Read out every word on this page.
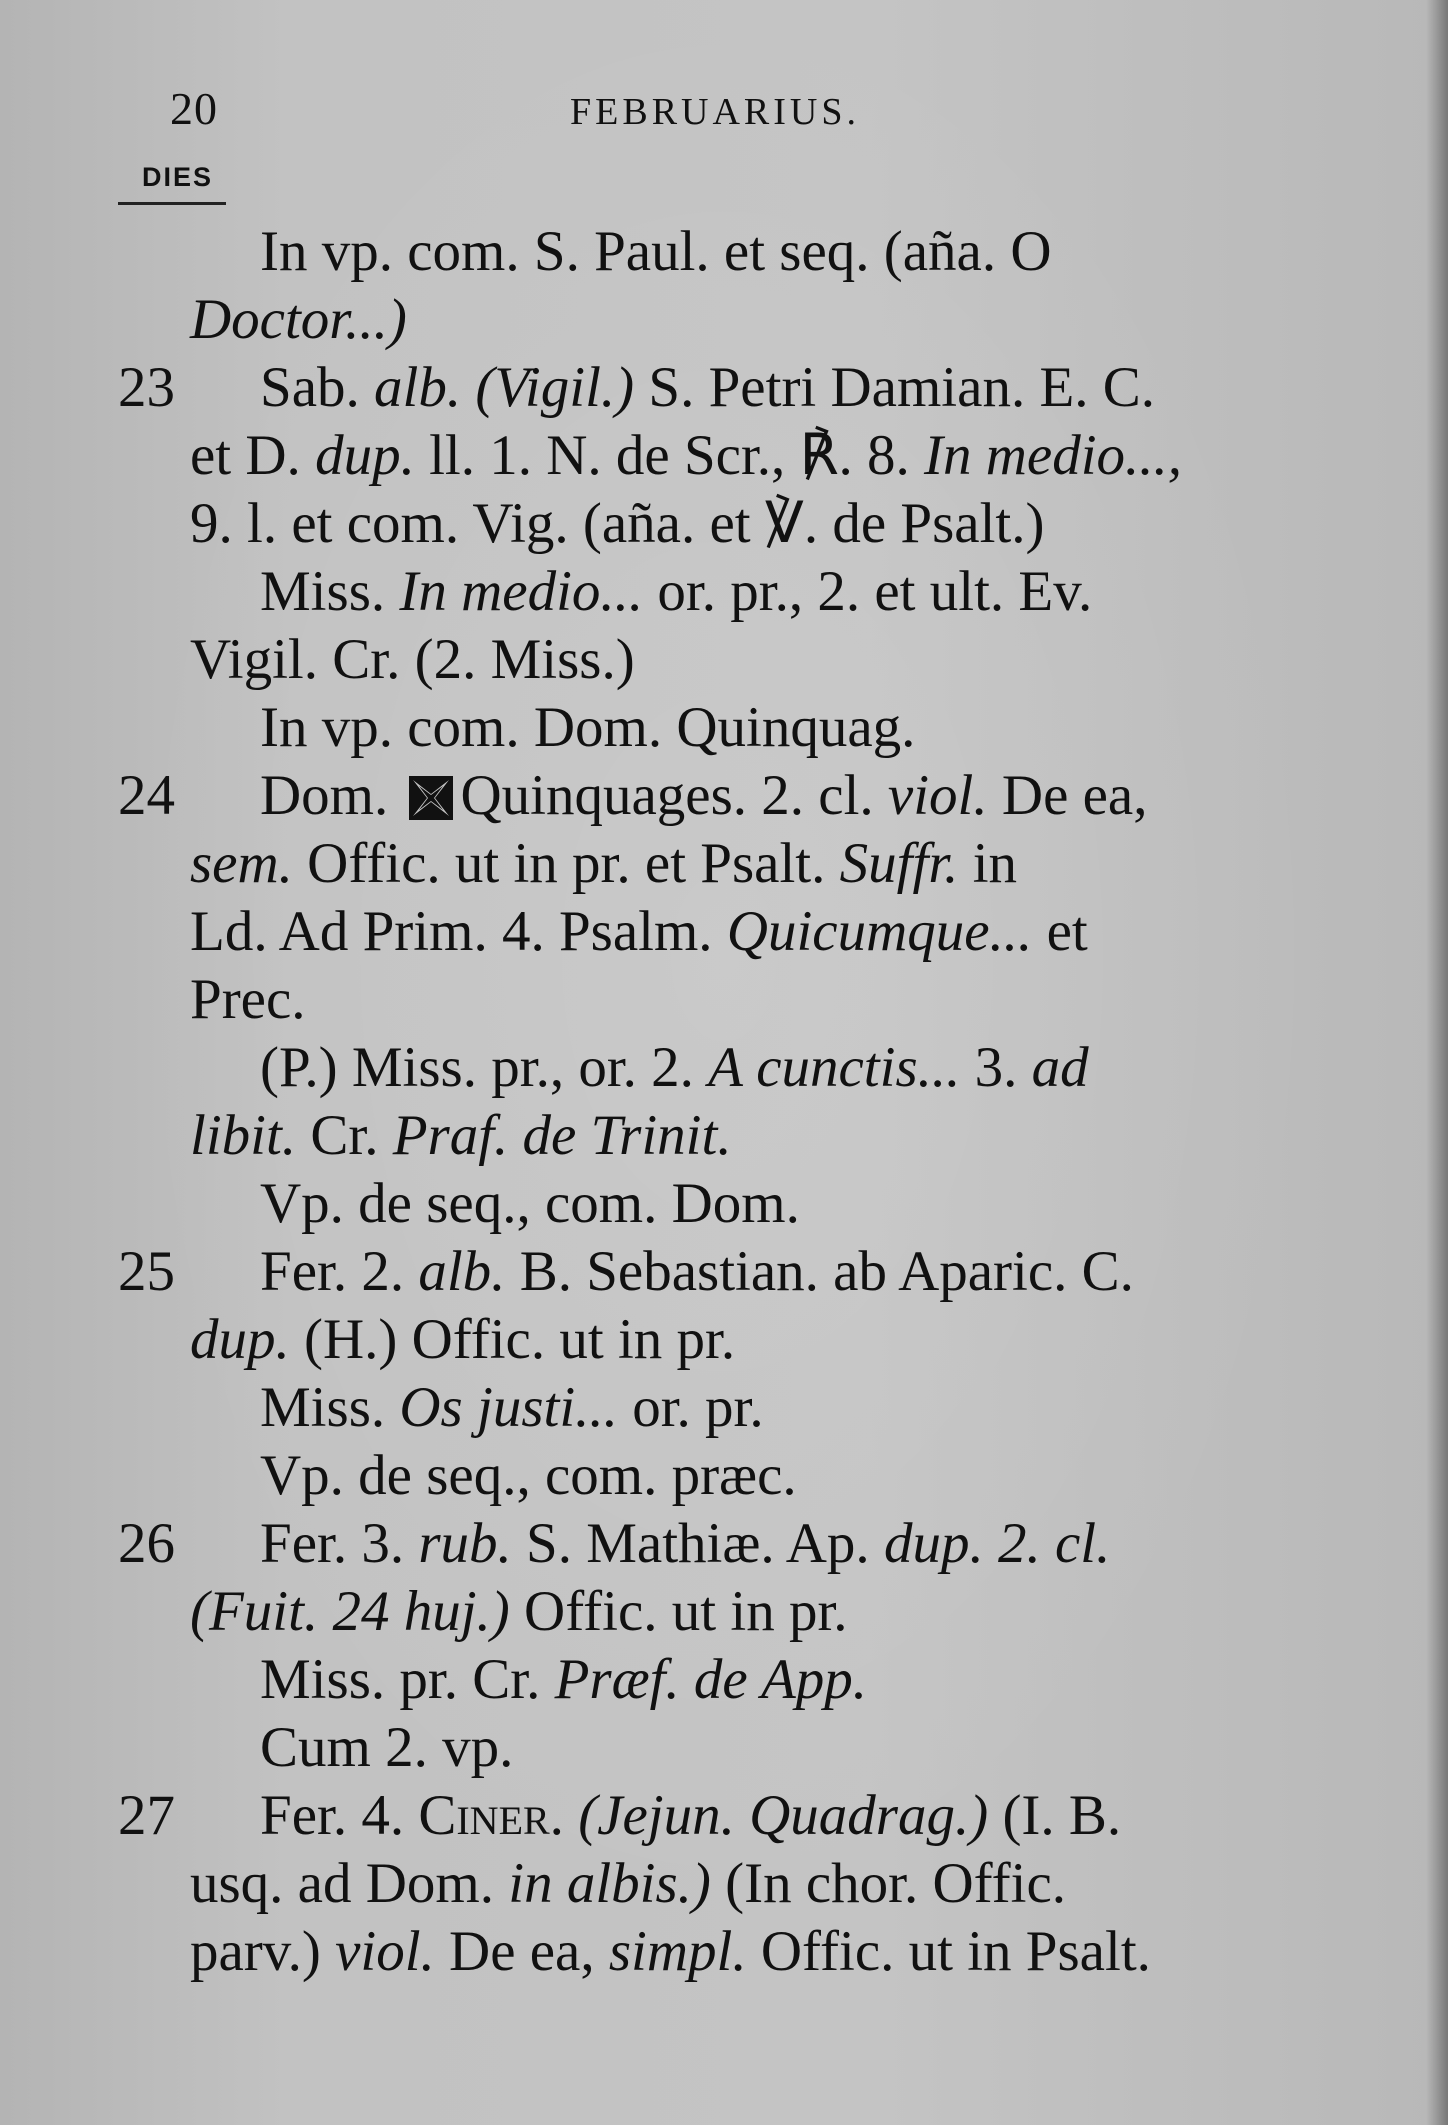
20	FEBRUARIUS.
DIES
In vp. com. S. Paul. et seq. (aña. O
Doctor...)
23 Sab. alb. (Vigil.) S. Petri Damian. E. C.
et D. dup. ll. 1. N. de Scr., ℟. 8. In medio...,
9. l. et com. Vig. (aña. et ℣. de Psalt.)
Miss. In medio... or. pr., 2. et ult. Ev.
Vigil. Cr. (2. Miss.)
In vp. com. Dom. Quinquag.
24 Dom.
Quinquages. 2. cl. viol. De ea,
sem. Offic. ut in pr. et Psalt. Suffr. in
Ld. Ad Prim. 4. Psalm. Quicumque... et
Prec.
(P.) Miss. pr., or. 2. A cunctis... 3. ad
libit. Cr. Praf. de Trinit.
Vp. de seq., com. Dom.
25 Fer. 2. alb. B. Sebastian. ab Aparic. C.
dup. (H.) Offic. ut in pr.
Miss. Os justi... or. pr.
Vp. de seq., com. præc.
26 Fer. 3. rub. S. Mathiæ. Ap. dup. 2. cl.
(Fuit. 24 huj.) Offic. ut in pr.
Miss. pr. Cr. Præf. de App.
Cum 2. vp.
27 Fer. 4. Ciner. (Jejun. Quadrag.) (I. B.
usq. ad Dom. in albis.) (In chor. Offic.
parv.) viol. De ea, simpl. Offic. ut in Psalt.
